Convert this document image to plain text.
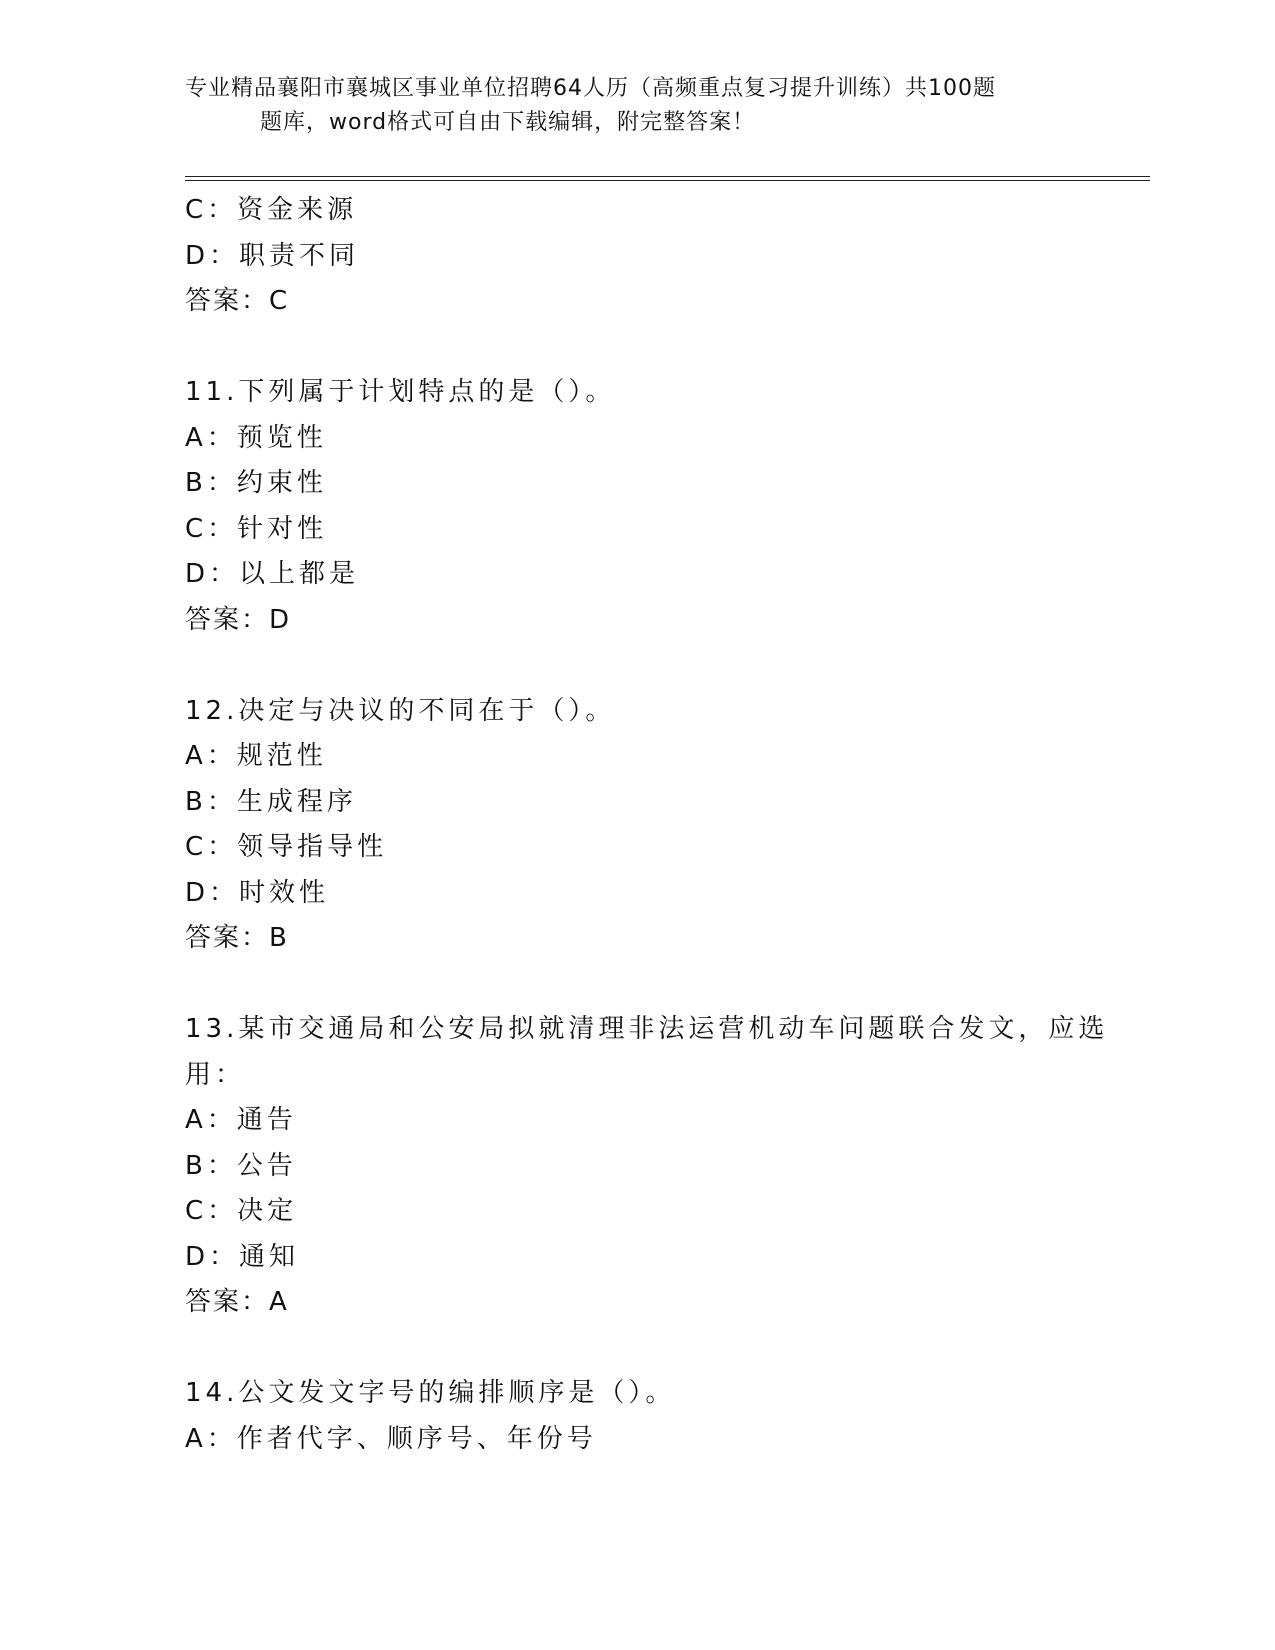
专业精品襄阳市襄城区事业单位招聘64人历（高频重点复习提升训练）共100题
题库，word格式可自由下载编辑，附完整答案！
C：资金来源
D：职责不同
答案：C
11.下列属于计划特点的是（）。
A：预览性
B：约束性
C：针对性
D：以上都是
答案：D
12.决定与决议的不同在于（）。
A：规范性
B：生成程序
C：领导指导性
D：时效性
答案：B
13.某市交通局和公安局拟就清理非法运营机动车问题联合发文，应选
用：
A：通告
B：公告
C：决定
D：通知
答案：A
14.公文发文字号的编排顺序是（）。
A：作者代字、顺序号、年份号
